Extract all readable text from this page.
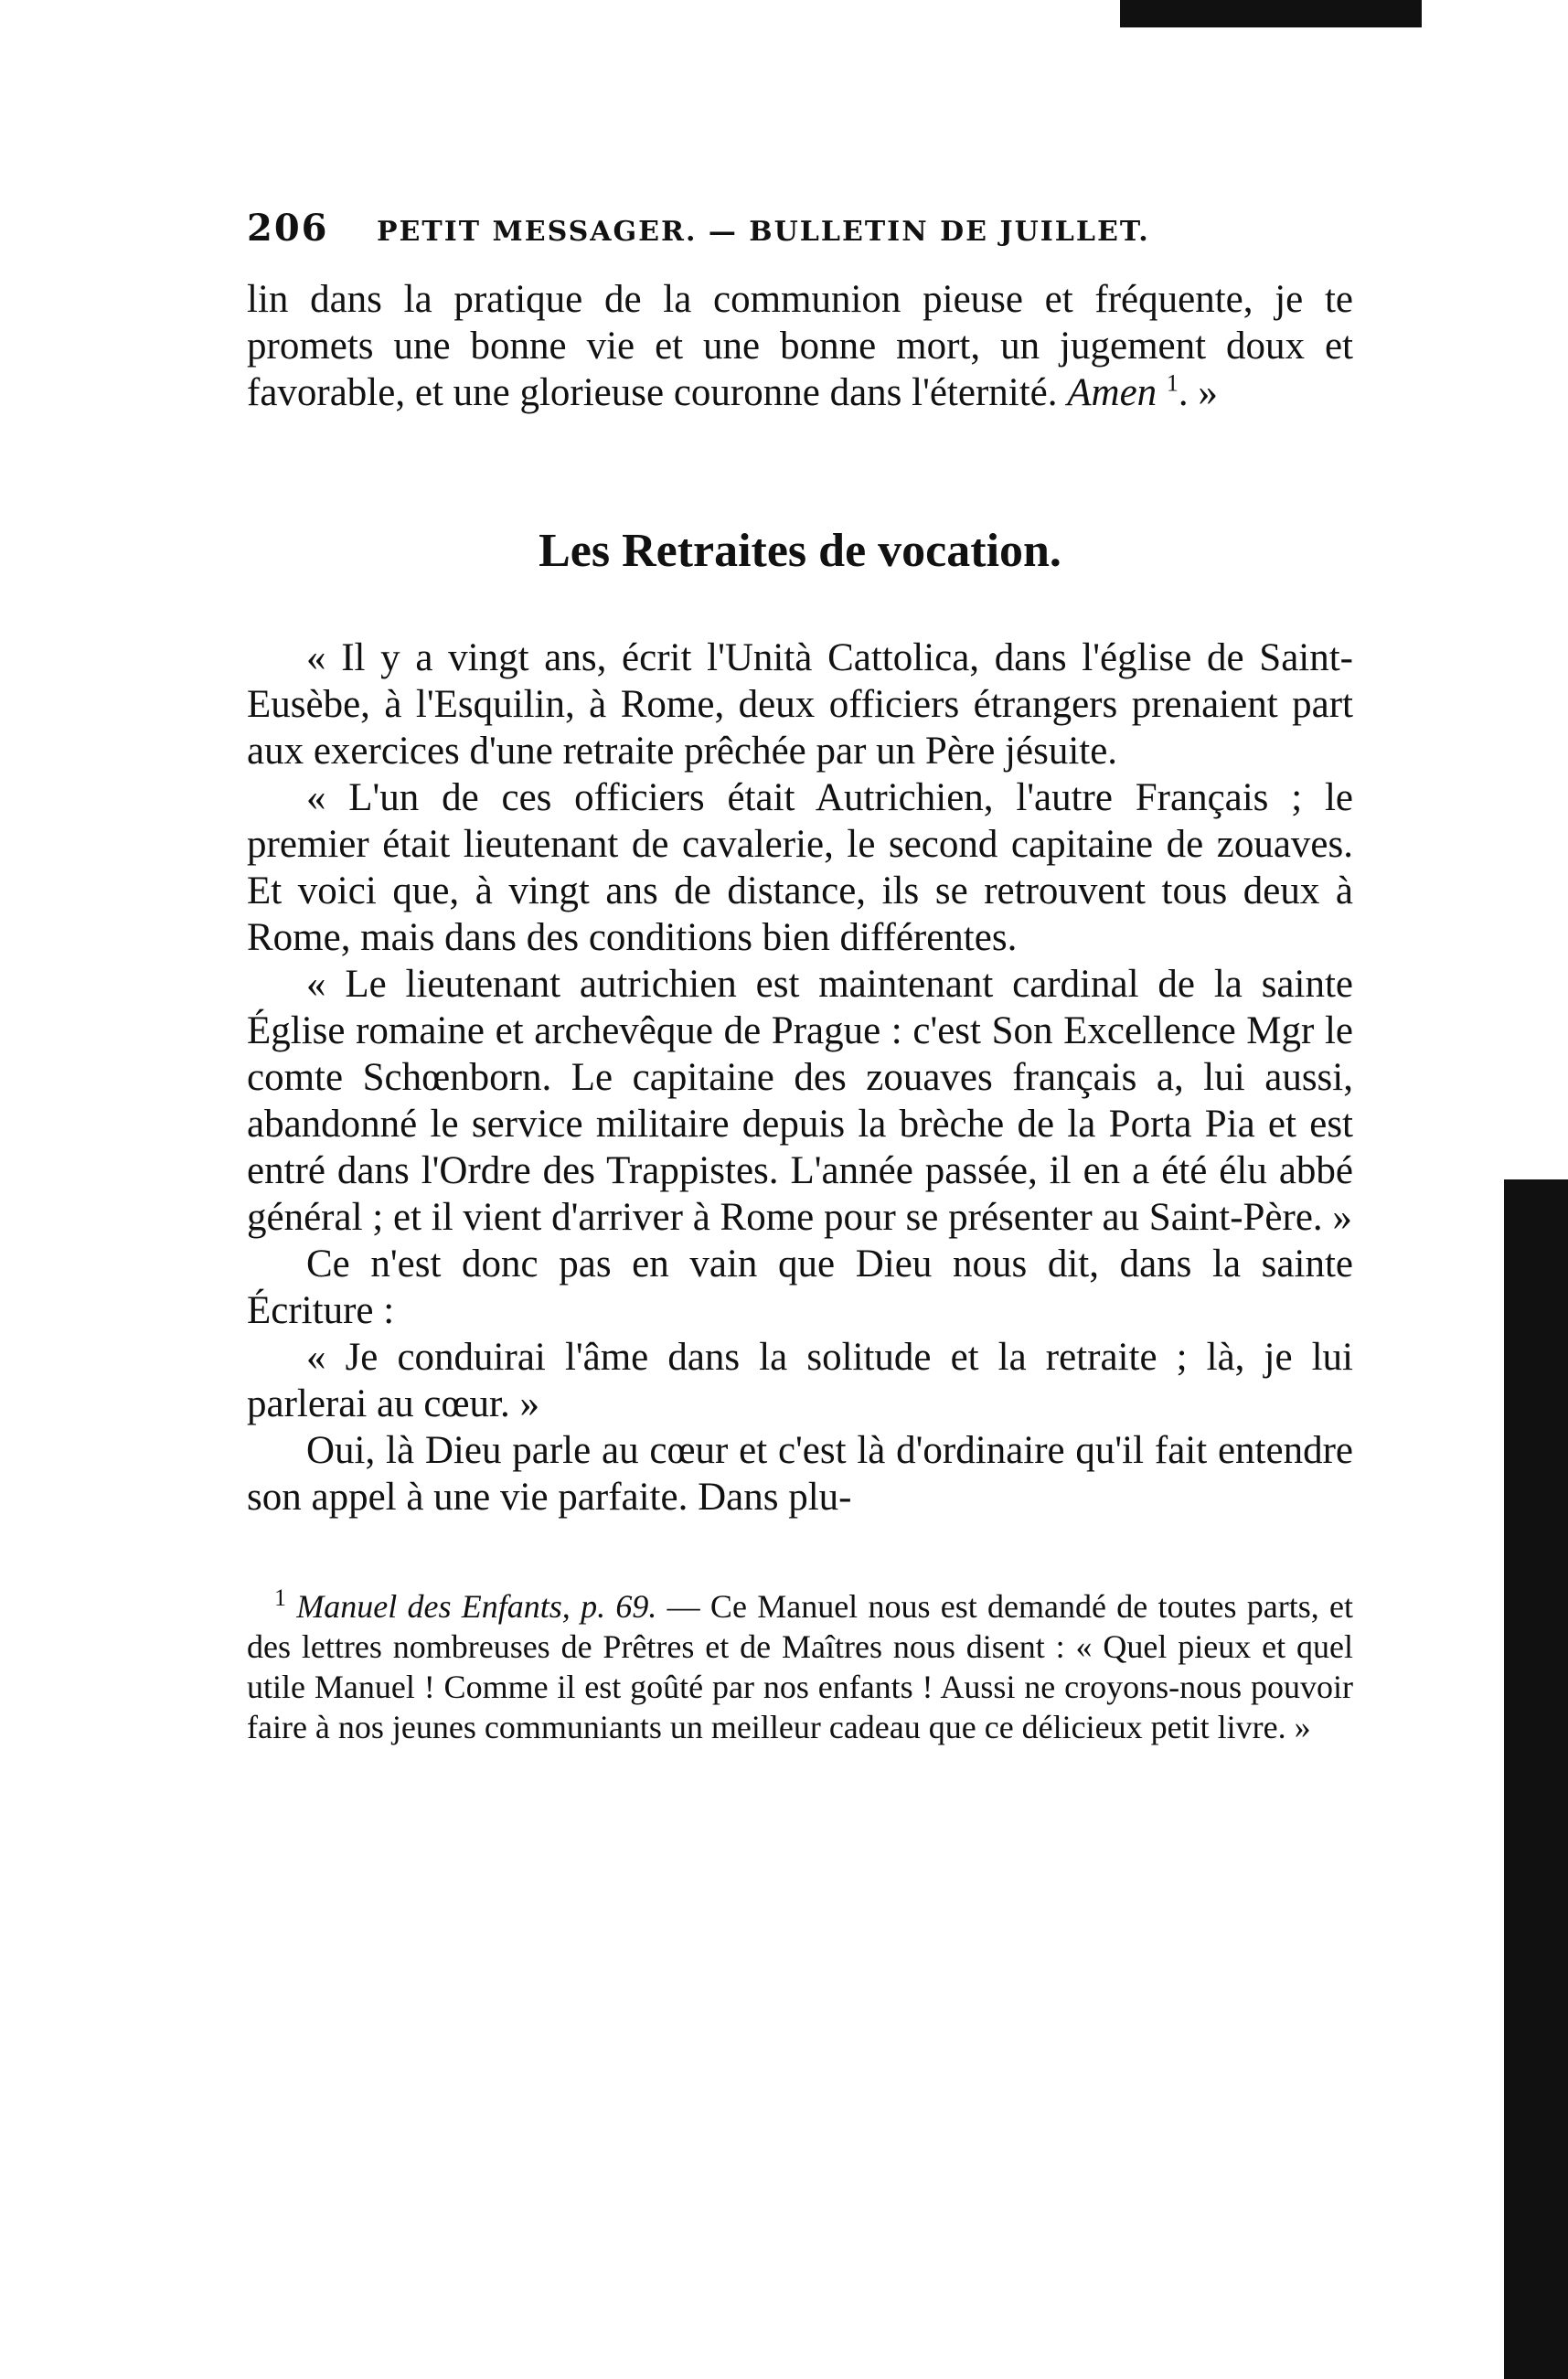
206 PETIT MESSAGER. — BULLETIN DE JUILLET.

lin dans la pratique de la communion pieuse et fréquente, je te promets une bonne vie et une bonne mort, un jugement doux et favorable, et une glorieuse couronne dans l'éternité. Amen $^1$. »

Les Retraites de vocation.

« Il y a vingt ans, écrit l'Unità Cattolica, dans l'église de Saint-Eusèbe, à l'Esquilin, à Rome, deux officiers étrangers prenaient part aux exercices d'une retraite prêchée par un Père jésuite.

« L'un de ces officiers était Autrichien, l'autre Français ; le premier était lieutenant de cavalerie, le second capitaine de zouaves. Et voici que, à vingt ans de distance, ils se retrouvent tous deux à Rome, mais dans des conditions bien différentes.

« Le lieutenant autrichien est maintenant cardinal de la sainte Église romaine et archevêque de Prague : c'est Son Excellence Mgr le comte Schœnborn. Le capitaine des zouaves français a, lui aussi, abandonné le service militaire depuis la brèche de la Porta Pia et est entré dans l'Ordre des Trappistes. L'année passée, il en a été élu abbé général ; et il vient d'arriver à Rome pour se présenter au Saint-Père. »

Ce n'est donc pas en vain que Dieu nous dit, dans la sainte Écriture :

« Je conduirai l'âme dans la solitude et la retraite ; là, je lui parlerai au cœur. »

Oui, là Dieu parle au cœur et c'est là d'ordinaire qu'il fait entendre son appel à une vie parfaite. Dans plu-

$^1$ Manuel des Enfants, p. 69. — Ce Manuel nous est demandé de toutes parts, et des lettres nombreuses de Prêtres et de Maîtres nous disent : « Quel pieux et quel utile Manuel ! Comme il est goûté par nos enfants ! Aussi ne croyons-nous pouvoir faire à nos jeunes communiants un meilleur cadeau que ce délicieux petit livre. »
